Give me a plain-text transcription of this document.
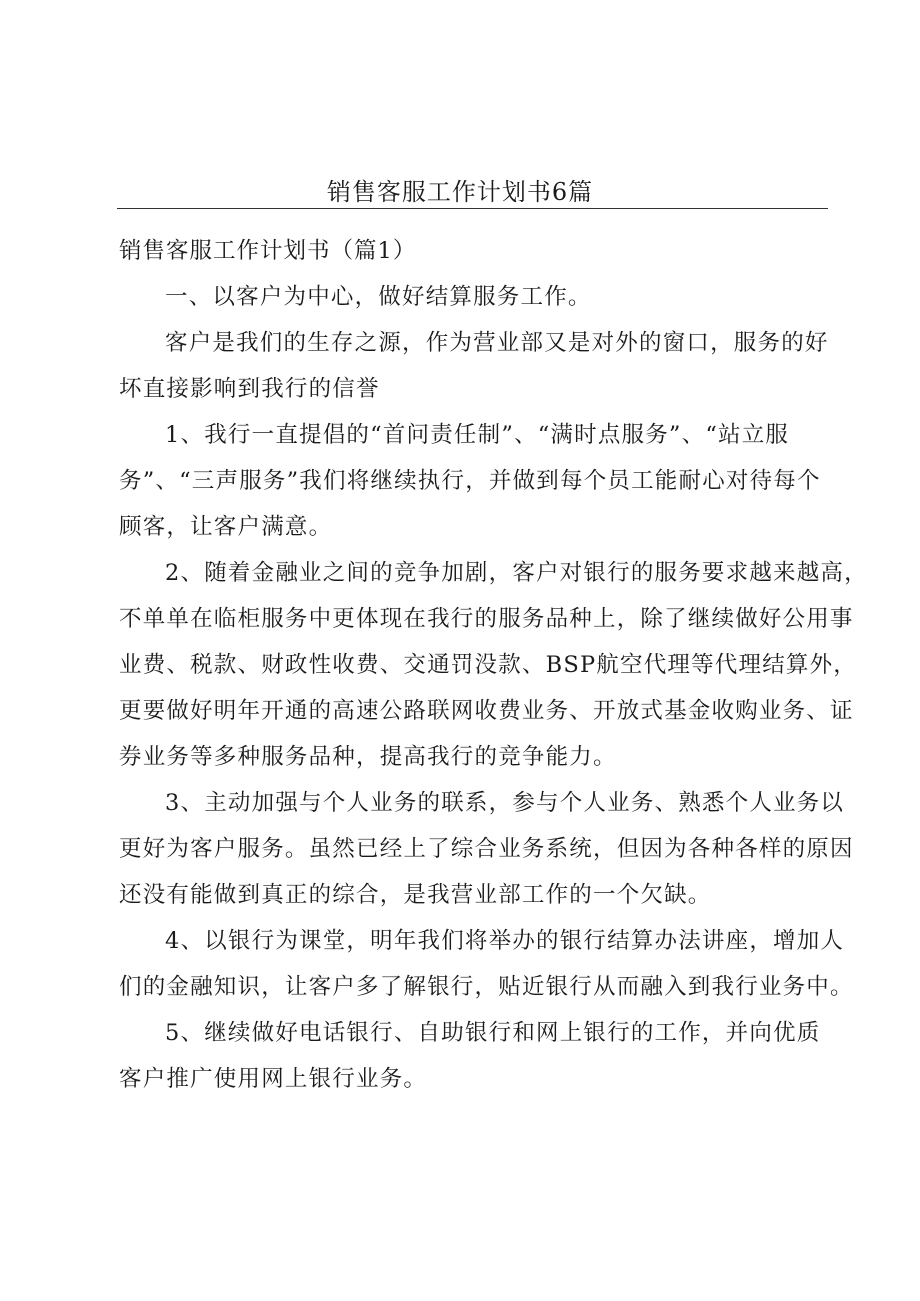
销售客服工作计划书6篇

销售客服工作计划书（篇1）

一、以客户为中心，做好结算服务工作。

客户是我们的生存之源，作为营业部又是对外的窗口，服务的好
坏直接影响到我行的信誉

1、我行一直提倡的“首问责任制”、“满时点服务”、“站立服
务”、“三声服务”我们将继续执行，并做到每个员工能耐心对待每个
顾客，让客户满意。

2、随着金融业之间的竞争加剧，客户对银行的服务要求越来越高，
不单单在临柜服务中更体现在我行的服务品种上，除了继续做好公用事
业费、税款、财政性收费、交通罚没款、BSP航空代理等代理结算外，
更要做好明年开通的高速公路联网收费业务、开放式基金收购业务、证
券业务等多种服务品种，提高我行的竞争能力。

3、主动加强与个人业务的联系，参与个人业务、熟悉个人业务以
更好为客户服务。虽然已经上了综合业务系统，但因为各种各样的原因
还没有能做到真正的综合，是我营业部工作的一个欠缺。

4、以银行为课堂，明年我们将举办的银行结算办法讲座，增加人
们的金融知识，让客户多了解银行，贴近银行从而融入到我行业务中。

5、继续做好电话银行、自助银行和网上银行的工作，并向优质
客户推广使用网上银行业务。
